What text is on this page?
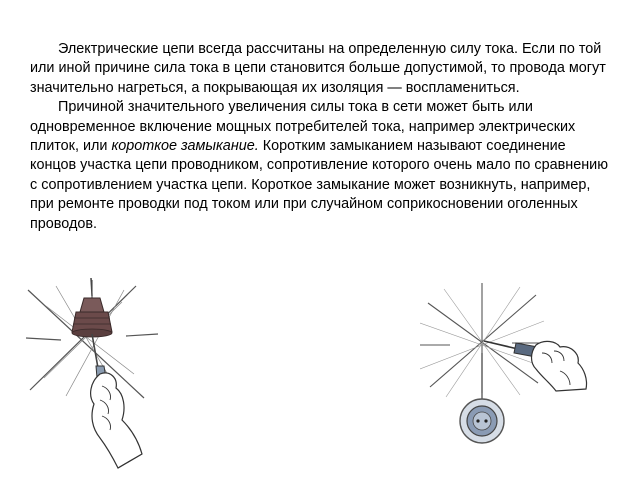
Электрические цепи всегда рассчитаны на определенную силу тока. Если по той или иной причине сила тока в цепи становится больше допустимой, то провода могут значительно нагреться, а покрывающая их изоляция — воспламениться.

Причиной значительного увеличения силы тока в сети может быть или одновременное включение мощных потребителей тока, например электрических плиток, или короткое замыкание. Коротким замыканием называют соединение концов участка цепи проводником, сопротивление которого очень мало по сравнению с сопротивлением участка цепи. Короткое замыкание может возникнуть, например, при ремонте проводки под током или при случайном соприкосновении оголенных проводов.
